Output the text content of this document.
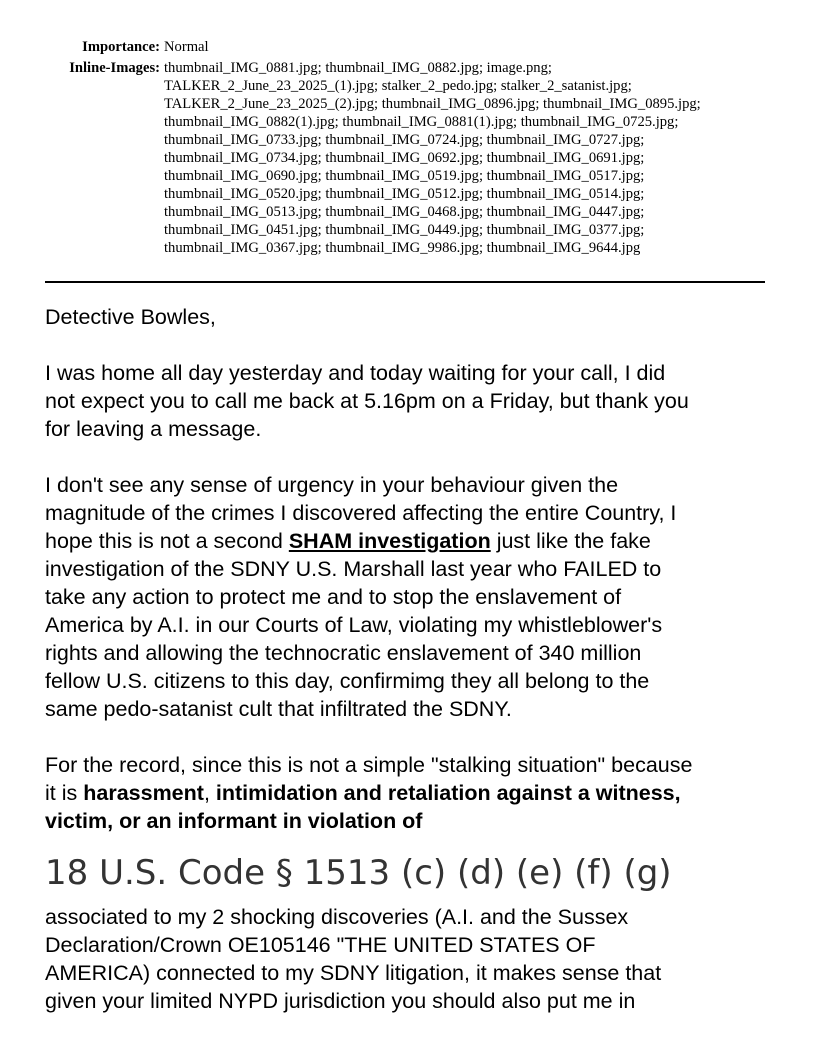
Importance: Normal
Inline-Images: thumbnail_IMG_0881.jpg; thumbnail_IMG_0882.jpg; image.png;
TALKER_2_June_23_2025_(1).jpg; stalker_2_pedo.jpg; stalker_2_satanist.jpg;
TALKER_2_June_23_2025_(2).jpg; thumbnail_IMG_0896.jpg; thumbnail_IMG_0895.jpg;
thumbnail_IMG_0882(1).jpg; thumbnail_IMG_0881(1).jpg; thumbnail_IMG_0725.jpg;
thumbnail_IMG_0733.jpg; thumbnail_IMG_0724.jpg; thumbnail_IMG_0727.jpg;
thumbnail_IMG_0734.jpg; thumbnail_IMG_0692.jpg; thumbnail_IMG_0691.jpg;
thumbnail_IMG_0690.jpg; thumbnail_IMG_0519.jpg; thumbnail_IMG_0517.jpg;
thumbnail_IMG_0520.jpg; thumbnail_IMG_0512.jpg; thumbnail_IMG_0514.jpg;
thumbnail_IMG_0513.jpg; thumbnail_IMG_0468.jpg; thumbnail_IMG_0447.jpg;
thumbnail_IMG_0451.jpg; thumbnail_IMG_0449.jpg; thumbnail_IMG_0377.jpg;
thumbnail_IMG_0367.jpg; thumbnail_IMG_9986.jpg; thumbnail_IMG_9644.jpg

Detective Bowles,

I was home all day yesterday and today waiting for your call, I did
not expect you to call me back at 5.16pm on a Friday, but thank you
for leaving a message.

I don't see any sense of urgency in your behaviour given the
magnitude of the crimes I discovered affecting the entire Country, I
hope this is not a second SHAM investigation just like the fake
investigation of the SDNY U.S. Marshall last year who FAILED to
take any action to protect me and to stop the enslavement of
America by A.I. in our Courts of Law, violating my whistleblower's
rights and allowing the technocratic enslavement of 340 million
fellow U.S. citizens to this day, confirmimg they all belong to the
same pedo-satanist cult that infiltrated the SDNY.

For the record, since this is not a simple "stalking situation" because
it is harassment, intimidation and retaliation against a witness,
victim, or an informant in violation of

18 U.S. Code § 1513 (c) (d) (e) (f) (g)

associated to my 2 shocking discoveries (A.I. and the Sussex
Declaration/Crown OE105146 "THE UNITED STATES OF
AMERICA) connected to my SDNY litigation, it makes sense that
given your limited NYPD jurisdiction you should also put me in
